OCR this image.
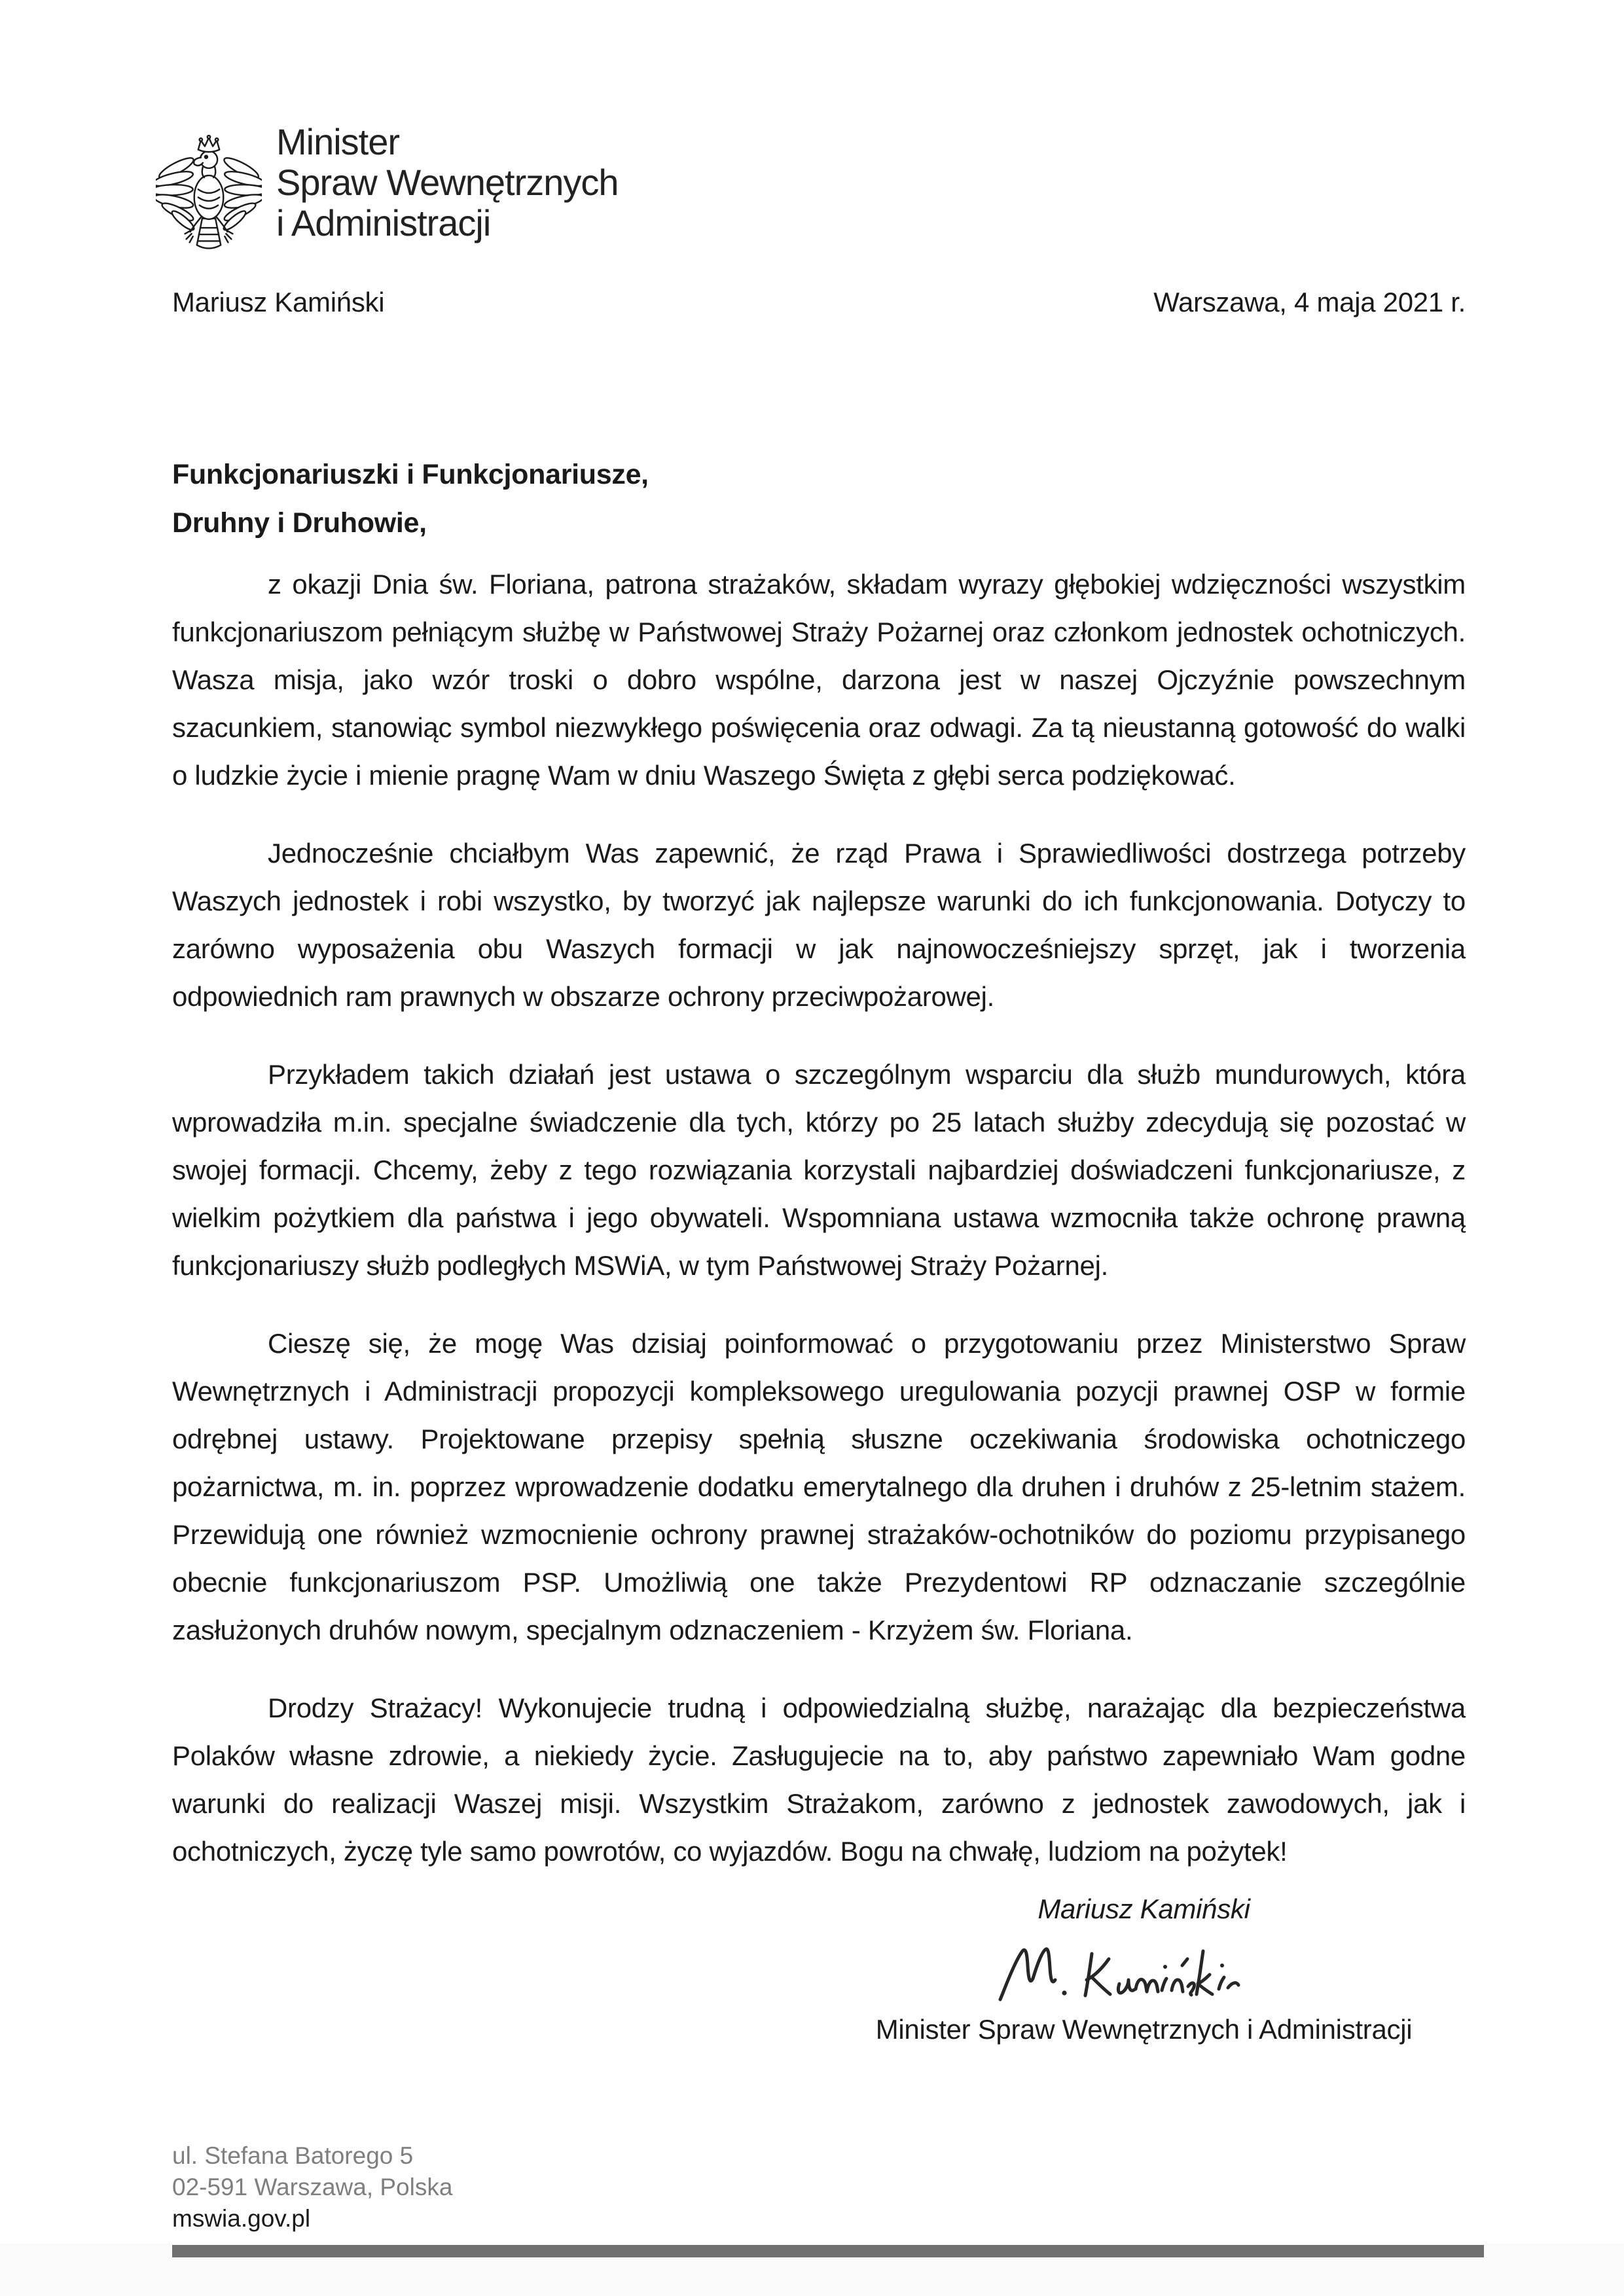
Minister
Spraw Wewnętrznych
i Administracji
Mariusz Kamiński	Warszawa, 4 maja 2021 r.
Funkcjonariuszki i Funkcjonariusze,
Druhny i Druhowie,

z okazji Dnia św. Floriana, patrona strażaków, składam wyrazy głębokiej wdzięczności wszystkim funkcjonariuszom pełniącym służbę w Państwowej Straży Pożarnej oraz członkom jednostek ochotniczych. Wasza misja, jako wzór troski o dobro wspólne, darzona jest w naszej Ojczyźnie powszechnym szacunkiem, stanowiąc symbol niezwykłego poświęcenia oraz odwagi. Za tą nieustanną gotowość do walki o ludzkie życie i mienie pragnę Wam w dniu Waszego Święta z głębi serca podziękować.

Jednocześnie chciałbym Was zapewnić, że rząd Prawa i Sprawiedliwości dostrzega potrzeby Waszych jednostek i robi wszystko, by tworzyć jak najlepsze warunki do ich funkcjonowania. Dotyczy to zarówno wyposażenia obu Waszych formacji w jak najnowocześniejszy sprzęt, jak i tworzenia odpowiednich ram prawnych w obszarze ochrony przeciwpożarowej.

Przykładem takich działań jest ustawa o szczególnym wsparciu dla służb mundurowych, która wprowadziła m.in. specjalne świadczenie dla tych, którzy po 25 latach służby zdecydują się pozostać w swojej formacji. Chcemy, żeby z tego rozwiązania korzystali najbardziej doświadczeni funkcjonariusze, z wielkim pożytkiem dla państwa i jego obywateli. Wspomniana ustawa wzmocniła także ochronę prawną funkcjonariuszy służb podległych MSWiA, w tym Państwowej Straży Pożarnej.

Cieszę się, że mogę Was dzisiaj poinformować o przygotowaniu przez Ministerstwo Spraw Wewnętrznych i Administracji propozycji kompleksowego uregulowania pozycji prawnej OSP w formie odrębnej ustawy. Projektowane przepisy spełnią słuszne oczekiwania środowiska ochotniczego pożarnictwa, m. in. poprzez wprowadzenie dodatku emerytalnego dla druhen i druhów z 25-letnim stażem. Przewidują one również wzmocnienie ochrony prawnej strażaków-ochotników do poziomu przypisanego obecnie funkcjonariuszom PSP. Umożliwią one także Prezydentowi RP odznaczanie szczególnie zasłużonych druhów nowym, specjalnym odznaczeniem - Krzyżem św. Floriana.

Drodzy Strażacy! Wykonujecie trudną i odpowiedzialną służbę, narażając dla bezpieczeństwa Polaków własne zdrowie, a niekiedy życie. Zasługujecie na to, aby państwo zapewniało Wam godne warunki do realizacji Waszej misji. Wszystkim Strażakom, zarówno z jednostek zawodowych, jak i ochotniczych, życzę tyle samo powrotów, co wyjazdów. Bogu na chwałę, ludziom na pożytek!

Mariusz Kamiński
Minister Spraw Wewnętrznych i Administracji
ul. Stefana Batorego 5
02-591 Warszawa, Polska
mswia.gov.pl
